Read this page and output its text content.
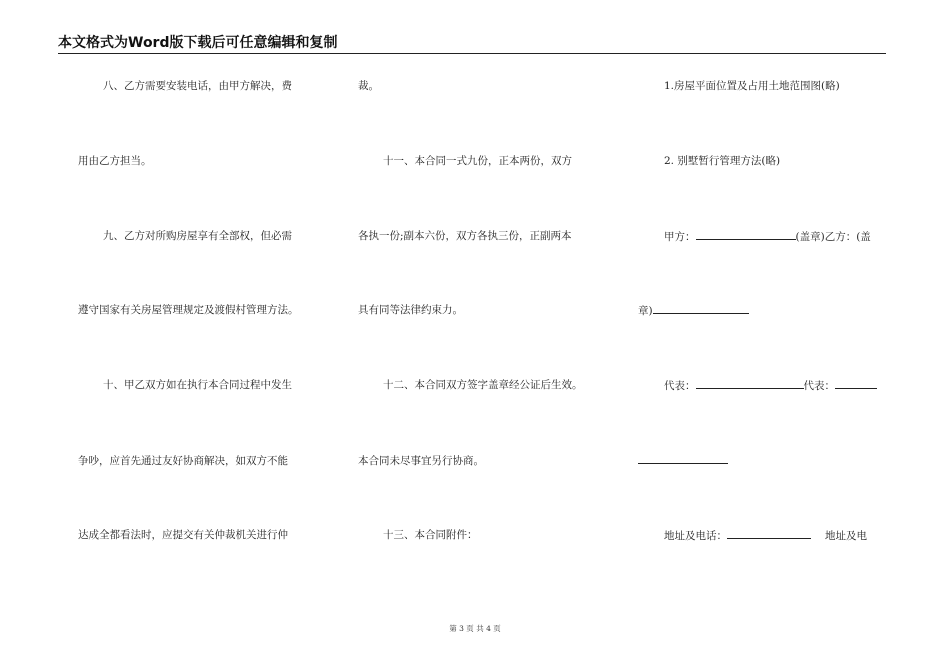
本文格式为Word版下载后可任意编辑和复制
八、乙方需要安装电话，由甲方解决，费
用由乙方担当。
九、乙方对所购房屋享有全部权，但必需
遵守国家有关房屋管理规定及渡假村管理方法。
十、甲乙双方如在执行本合同过程中发生
争吵，应首先通过友好协商解决，如双方不能
达成全都看法时，应提交有关仲裁机关进行仲
裁。
十一、本合同一式九份，正本两份，双方
各执一份;副本六份，双方各执三份，正副两本
具有同等法律约束力。
十二、本合同双方签字盖章经公证后生效。
本合同未尽事宜另行协商。
十三、本合同附件：
1.房屋平面位置及占用土地范围图(略)
2. 别墅暂行管理方法(略)
甲方：	(盖章)乙方：(盖
章)
代表：	代表：
地址及电话：	地址及电
第 3 页 共 4 页
